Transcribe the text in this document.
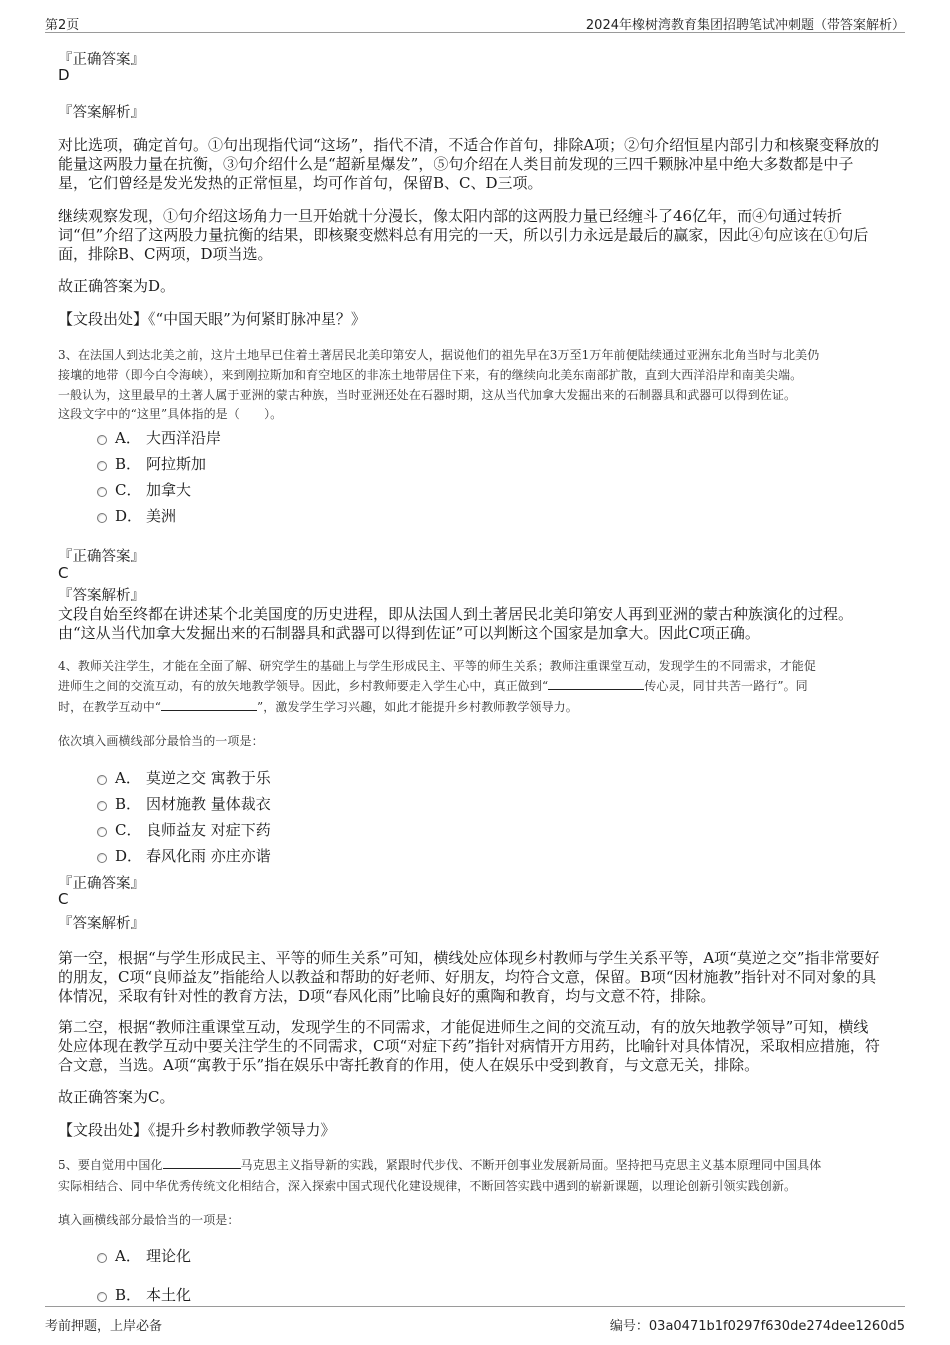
第2页	2024年橡树湾教育集团招聘笔试冲刺题（带答案解析）
『正确答案』
D
『答案解析』
对比选项，确定首句。①句出现指代词“这场”，指代不清，不适合作首句，排除A项；②句介绍恒星内部引力和核聚变释放的
能量这两股力量在抗衡，③句介绍什么是“超新星爆发”，⑤句介绍在人类目前发现的三四千颗脉冲星中绝大多数都是中子
星，它们曾经是发光发热的正常恒星，均可作首句，保留B、C、D三项。
继续观察发现，①句介绍这场角力一旦开始就十分漫长，像太阳内部的这两股力量已经缠斗了46亿年，而④句通过转折
词“但”介绍了这两股力量抗衡的结果，即核聚变燃料总有用完的一天，所以引力永远是最后的赢家，因此④句应该在①句后
面，排除B、C两项，D项当选。
故正确答案为D。
【文段出处】《“中国天眼”为何紧盯脉冲星？》
3、在法国人到达北美之前，这片土地早已住着土著居民北美印第安人，据说他们的祖先早在3万至1万年前便陆续通过亚洲东北角当时与北美仍
接壤的地带（即今白令海峡），来到刚拉斯加和育空地区的非冻土地带居住下来，有的继续向北美东南部扩散，直到大西洋沿岸和南美尖端。
一般认为，这里最早的土著人属于亚洲的蒙古种族，当时亚洲还处在石器时期，这从当代加拿大发掘出来的石制器具和武器可以得到佐证。
这段文字中的“这里”具体指的是（　　）。
A． 大西洋沿岸
B． 阿拉斯加
C． 加拿大
D． 美洲
『正确答案』
C
『答案解析』
文段自始至终都在讲述某个北美国度的历史进程，即从法国人到土著居民北美印第安人再到亚洲的蒙古种族演化的过程。
由“这从当代加拿大发掘出来的石制器具和武器可以得到佐证”可以判断这个国家是加拿大。因此C项正确。
4、教师关注学生，才能在全面了解、研究学生的基础上与学生形成民主、平等的师生关系；教师注重课堂互动，发现学生的不同需求，才能促
进师生之间的交流互动，有的放矢地教学领导。因此，乡村教师要走入学生心中，真正做到“	传心灵，同甘共苦一路行”。同
时，在教学互动中“	”，激发学生学习兴趣，如此才能提升乡村教师教学领导力。
依次填入画横线部分最恰当的一项是：
A． 莫逆之交 寓教于乐
B． 因材施教 量体裁衣
C． 良师益友 对症下药
D． 春风化雨 亦庄亦谐
『正确答案』
C
『答案解析』
第一空，根据“与学生形成民主、平等的师生关系”可知，横线处应体现乡村教师与学生关系平等，A项“莫逆之交”指非常要好
的朋友，C项“良师益友”指能给人以教益和帮助的好老师、好朋友，均符合文意，保留。B项“因材施教”指针对不同对象的具
体情况，采取有针对性的教育方法，D项“春风化雨”比喻良好的熏陶和教育，均与文意不符，排除。
第二空，根据“教师注重课堂互动，发现学生的不同需求，才能促进师生之间的交流互动，有的放矢地教学领导”可知，横线
处应体现在教学互动中要关注学生的不同需求，C项“对症下药”指针对病情开方用药，比喻针对具体情况，采取相应措施，符
合文意，当选。A项“寓教于乐”指在娱乐中寄托教育的作用，使人在娱乐中受到教育，与文意无关，排除。
故正确答案为C。
【文段出处】《提升乡村教师教学领导力》
5、要自觉用中国化	马克思主义指导新的实践，紧跟时代步伐、不断开创事业发展新局面。坚持把马克思主义基本原理同中国具体
实际相结合、同中华优秀传统文化相结合，深入探索中国式现代化建设规律，不断回答实践中遇到的崭新课题，以理论创新引领实践创新。
填入画横线部分最恰当的一项是：
A． 理论化
B． 本土化
考前押题，上岸必备	编号：03a0471b1f0297f630de274dee1260d5
